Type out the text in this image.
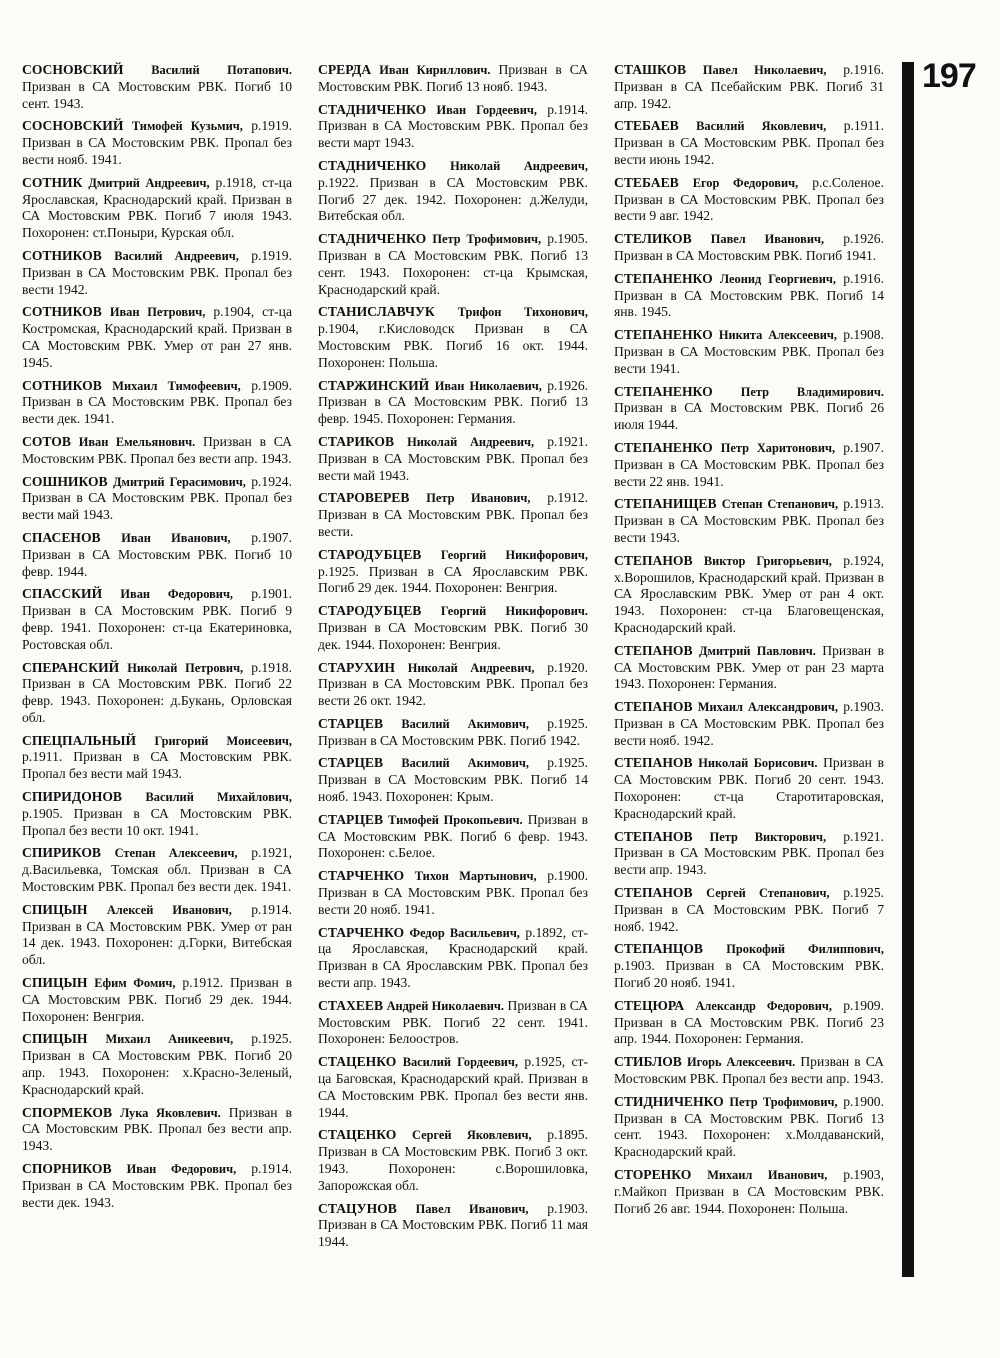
197

СОСНОВСКИЙ Василий Потапович. Призван в СА Мостовским РВК. Погиб 10 сент. 1943.

СОСНОВСКИЙ Тимофей Кузьмич, р.1919. Призван в СА Мостовским РВК. Пропал без вести нояб. 1941.

СОТНИК Дмитрий Андреевич, р.1918, ст-ца Ярославская, Краснодарский край. Призван в СА Мостовским РВК. Погиб 7 июля 1943. Похоронен: ст.Поныри, Курская обл.

СОТНИКОВ Василий Андреевич, р.1919. Призван в СА Мостовским РВК. Пропал без вести 1942.

СОТНИКОВ Иван Петрович, р.1904, ст-ца Костромская, Краснодарский край. Призван в СА Мостовским РВК. Умер от ран 27 янв. 1945.

СОТНИКОВ Михаил Тимофеевич, р.1909. Призван в СА Мостовским РВК. Пропал без вести дек. 1941.

СОТОВ Иван Емельянович. Призван в СА Мостовским РВК. Пропал без вести апр. 1943.

СОШНИКОВ Дмитрий Герасимович, р.1924. Призван в СА Мостовским РВК. Пропал без вести май 1943.

СПАСЕНОВ Иван Иванович, р.1907. Призван в СА Мостовским РВК. Погиб 10 февр. 1944.

СПАССКИЙ Иван Федорович, р.1901. Призван в СА Мостовским РВК. Погиб 9 февр. 1941. Похоронен: ст-ца Екатериновка, Ростовская обл.

СПЕРАНСКИЙ Николай Петрович, р.1918. Призван в СА Мостовским РВК. Погиб 22 февр. 1943. Похоронен: д.Букань, Орловская обл.

СПЕЦПАЛЬНЫЙ Григорий Моисеевич, р.1911. Призван в СА Мостовским РВК. Пропал без вести май 1943.

СПИРИДОНОВ Василий Михайлович, р.1905. Призван в СА Мостовским РВК. Пропал без вести 10 окт. 1941.

СПИРИКОВ Степан Алексеевич, р.1921, д.Васильевка, Томская обл. Призван в СА Мостовским РВК. Пропал без вести дек. 1941.

СПИЦЫН Алексей Иванович, р.1914. Призван в СА Мостовским РВК. Умер от ран 14 дек. 1943. Похоронен: д.Горки, Витебская обл.

СПИЦЫН Ефим Фомич, р.1912. Призван в СА Мостовским РВК. Погиб 29 дек. 1944. Похоронен: Венгрия.

СПИЦЫН Михаил Аникеевич, р.1925. Призван в СА Мостовским РВК. Погиб 20 апр. 1943. Похоронен: х.Красно-Зеленый, Краснодарский край.

СПОРМЕКОВ Лука Яковлевич. Призван в СА Мостовским РВК. Пропал без вести апр. 1943.

СПОРНИКОВ Иван Федорович, р.1914. Призван в СА Мостовским РВК. Пропал без вести дек. 1943.

СРЕРДА Иван Кириллович. Призван в СА Мостовским РВК. Погиб 13 нояб. 1943.

СТАДНИЧЕНКО Иван Гордеевич, р.1914. Призван в СА Мостовским РВК. Пропал без вести март 1943.

СТАДНИЧЕНКО Николай Андреевич, р.1922. Призван в СА Мостовским РВК. Погиб 27 дек. 1942. Похоронен: д.Желуди, Витебская обл.

СТАДНИЧЕНКО Петр Трофимович, р.1905. Призван в СА Мостовским РВК. Погиб 13 сент. 1943. Похоронен: ст-ца Крымская, Краснодарский край.

СТАНИСЛАВЧУК Трифон Тихонович, р.1904, г.Кисловодск Призван в СА Мостовским РВК. Погиб 16 окт. 1944. Похоронен: Польша.

СТАРЖИНСКИЙ Иван Николаевич, р.1926. Призван в СА Мостовским РВК. Погиб 13 февр. 1945. Похоронен: Германия.

СТАРИКОВ Николай Андреевич, р.1921. Призван в СА Мостовским РВК. Пропал без вести май 1943.

СТАРОВЕРЕВ Петр Иванович, р.1912. Призван в СА Мостовским РВК. Пропал без вести.

СТАРОДУБЦЕВ Георгий Никифорович, р.1925. Призван в СА Ярославским РВК. Погиб 29 дек. 1944. Похоронен: Венгрия.

СТАРОДУБЦЕВ Георгий Никифорович. Призван в СА Мостовским РВК. Погиб 30 дек. 1944. Похоронен: Венгрия.

СТАРУХИН Николай Андреевич, р.1920. Призван в СА Мостовским РВК. Пропал без вести 26 окт. 1942.

СТАРЦЕВ Василий Акимович, р.1925. Призван в СА Мостовским РВК. Погиб 1942.

СТАРЦЕВ Василий Акимович, р.1925. Призван в СА Мостовским РВК. Погиб 14 нояб. 1943. Похоронен: Крым.

СТАРЦЕВ Тимофей Прокопьевич. Призван в СА Мостовским РВК. Погиб 6 февр. 1943. Похоронен: с.Белое.

СТАРЧЕНКО Тихон Мартынович, р.1900. Призван в СА Мостовским РВК. Пропал без вести 20 нояб. 1941.

СТАРЧЕНКО Федор Васильевич, р.1892, ст-ца Ярославская, Краснодарский край. Призван в СА Ярославским РВК. Пропал без вести апр. 1943.

СТАХЕЕВ Андрей Николаевич. Призван в СА Мостовским РВК. Погиб 22 сент. 1941. Похоронен: Белоостров.

СТАЦЕНКО Василий Гордеевич, р.1925, ст-ца Баговская, Краснодарский край. Призван в СА Мостовским РВК. Пропал без вести янв. 1944.

СТАЦЕНКО Сергей Яковлевич, р.1895. Призван в СА Мостовским РВК. Погиб 3 окт. 1943. Похоронен: с.Ворошиловка, Запорожская обл.

СТАЦУНОВ Павел Иванович, р.1903. Призван в СА Мостовским РВК. Погиб 11 мая 1944.

СТАШКОВ Павел Николаевич, р.1916. Призван в СА Псебайским РВК. Погиб 31 апр. 1942.

СТЕБАЕВ Василий Яковлевич, р.1911. Призван в СА Мостовским РВК. Пропал без вести июнь 1942.

СТЕБАЕВ Егор Федорович, р.с.Соленое. Призван в СА Мостовским РВК. Пропал без вести 9 авг. 1942.

СТЕЛИКОВ Павел Иванович, р.1926. Призван в СА Мостовским РВК. Погиб 1941.

СТЕПАНЕНКО Леонид Георгиевич, р.1916. Призван в СА Мостовским РВК. Погиб 14 янв. 1945.

СТЕПАНЕНКО Никита Алексеевич, р.1908. Призван в СА Мостовским РВК. Пропал без вести 1941.

СТЕПАНЕНКО Петр Владимирович. Призван в СА Мостовским РВК. Погиб 26 июля 1944.

СТЕПАНЕНКО Петр Харитонович, р.1907. Призван в СА Мостовским РВК. Пропал без вести 22 янв. 1941.

СТЕПАНИЩЕВ Степан Степанович, р.1913. Призван в СА Мостовским РВК. Пропал без вести 1943.

СТЕПАНОВ Виктор Григорьевич, р.1924, х.Ворошилов, Краснодарский край. Призван в СА Ярославским РВК. Умер от ран 4 окт. 1943. Похоронен: ст-ца Благовещенская, Краснодарский край.

СТЕПАНОВ Дмитрий Павлович. Призван в СА Мостовским РВК. Умер от ран 23 марта 1943. Похоронен: Германия.

СТЕПАНОВ Михаил Александрович, р.1903. Призван в СА Мостовским РВК. Пропал без вести нояб. 1942.

СТЕПАНОВ Николай Борисович. Призван в СА Мостовским РВК. Погиб 20 сент. 1943. Похоронен: ст-ца Старотитаровская, Краснодарский край.

СТЕПАНОВ Петр Викторович, р.1921. Призван в СА Мостовским РВК. Пропал без вести апр. 1943.

СТЕПАНОВ Сергей Степанович, р.1925. Призван в СА Мостовским РВК. Погиб 7 нояб. 1942.

СТЕПАНЦОВ Прокофий Филиппович, р.1903. Призван в СА Мостовским РВК. Погиб 20 нояб. 1941.

СТЕЦЮРА Александр Федорович, р.1909. Призван в СА Мостовским РВК. Погиб 23 апр. 1944. Похоронен: Германия.

СТИБЛОВ Игорь Алексеевич. Призван в СА Мостовским РВК. Пропал без вести апр. 1943.

СТИДНИЧЕНКО Петр Трофимович, р.1900. Призван в СА Мостовским РВК. Погиб 13 сент. 1943. Похоронен: х.Молдаванский, Краснодарский край.

СТОРЕНКО Михаил Иванович, р.1903, г.Майкоп Призван в СА Мостовским РВК. Погиб 26 авг. 1944. Похоронен: Польша.
